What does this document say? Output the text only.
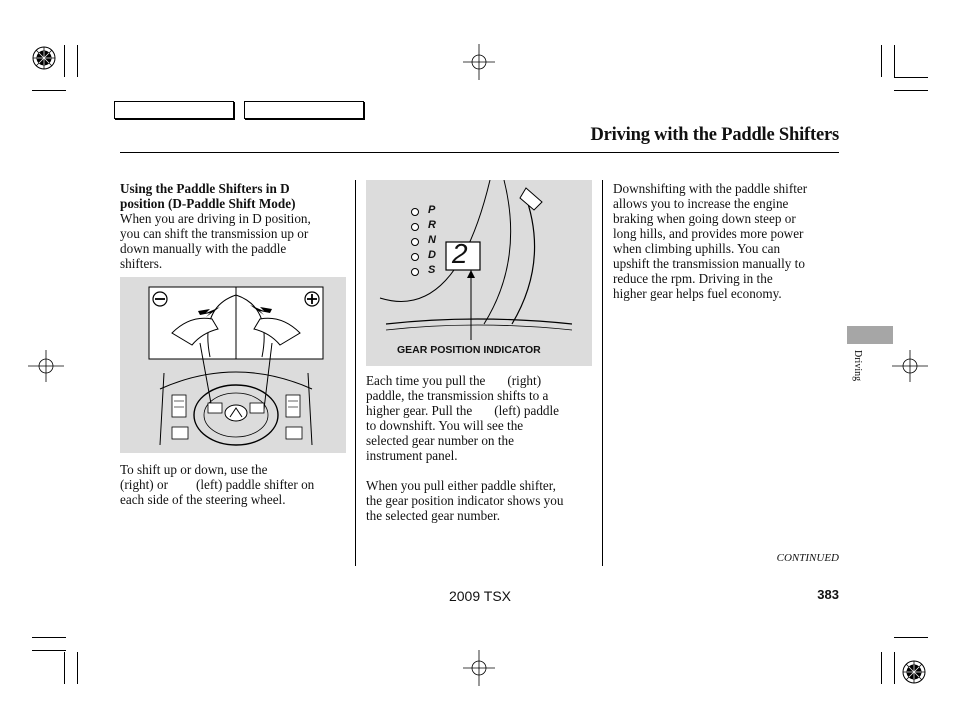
Driving with the Paddle Shifters

Using the Paddle Shifters in D

position (D-Paddle Shift Mode)

When you are driving in D position,

you can shift the transmission up or

down manually with the paddle

shifters.

To shift up or down, use the

(right) or (left) paddle shifter on

each side of the steering wheel.

P
R
N
D
S
2
GEAR POSITION INDICATOR

Each time you pull the (right)

paddle, the transmission shifts to a

higher gear. Pull the (left) paddle

to downshift. You will see the

selected gear number on the

instrument panel.

When you pull either paddle shifter,

the gear position indicator shows you

the selected gear number.

Downshifting with the paddle shifter

allows you to increase the engine

braking when going down steep or

long hills, and provides more power

when climbing uphills. You can

upshift the transmission manually to

reduce the rpm. Driving in the

higher gear helps fuel economy.

Driving
CONTINUED
2009 TSX	383
